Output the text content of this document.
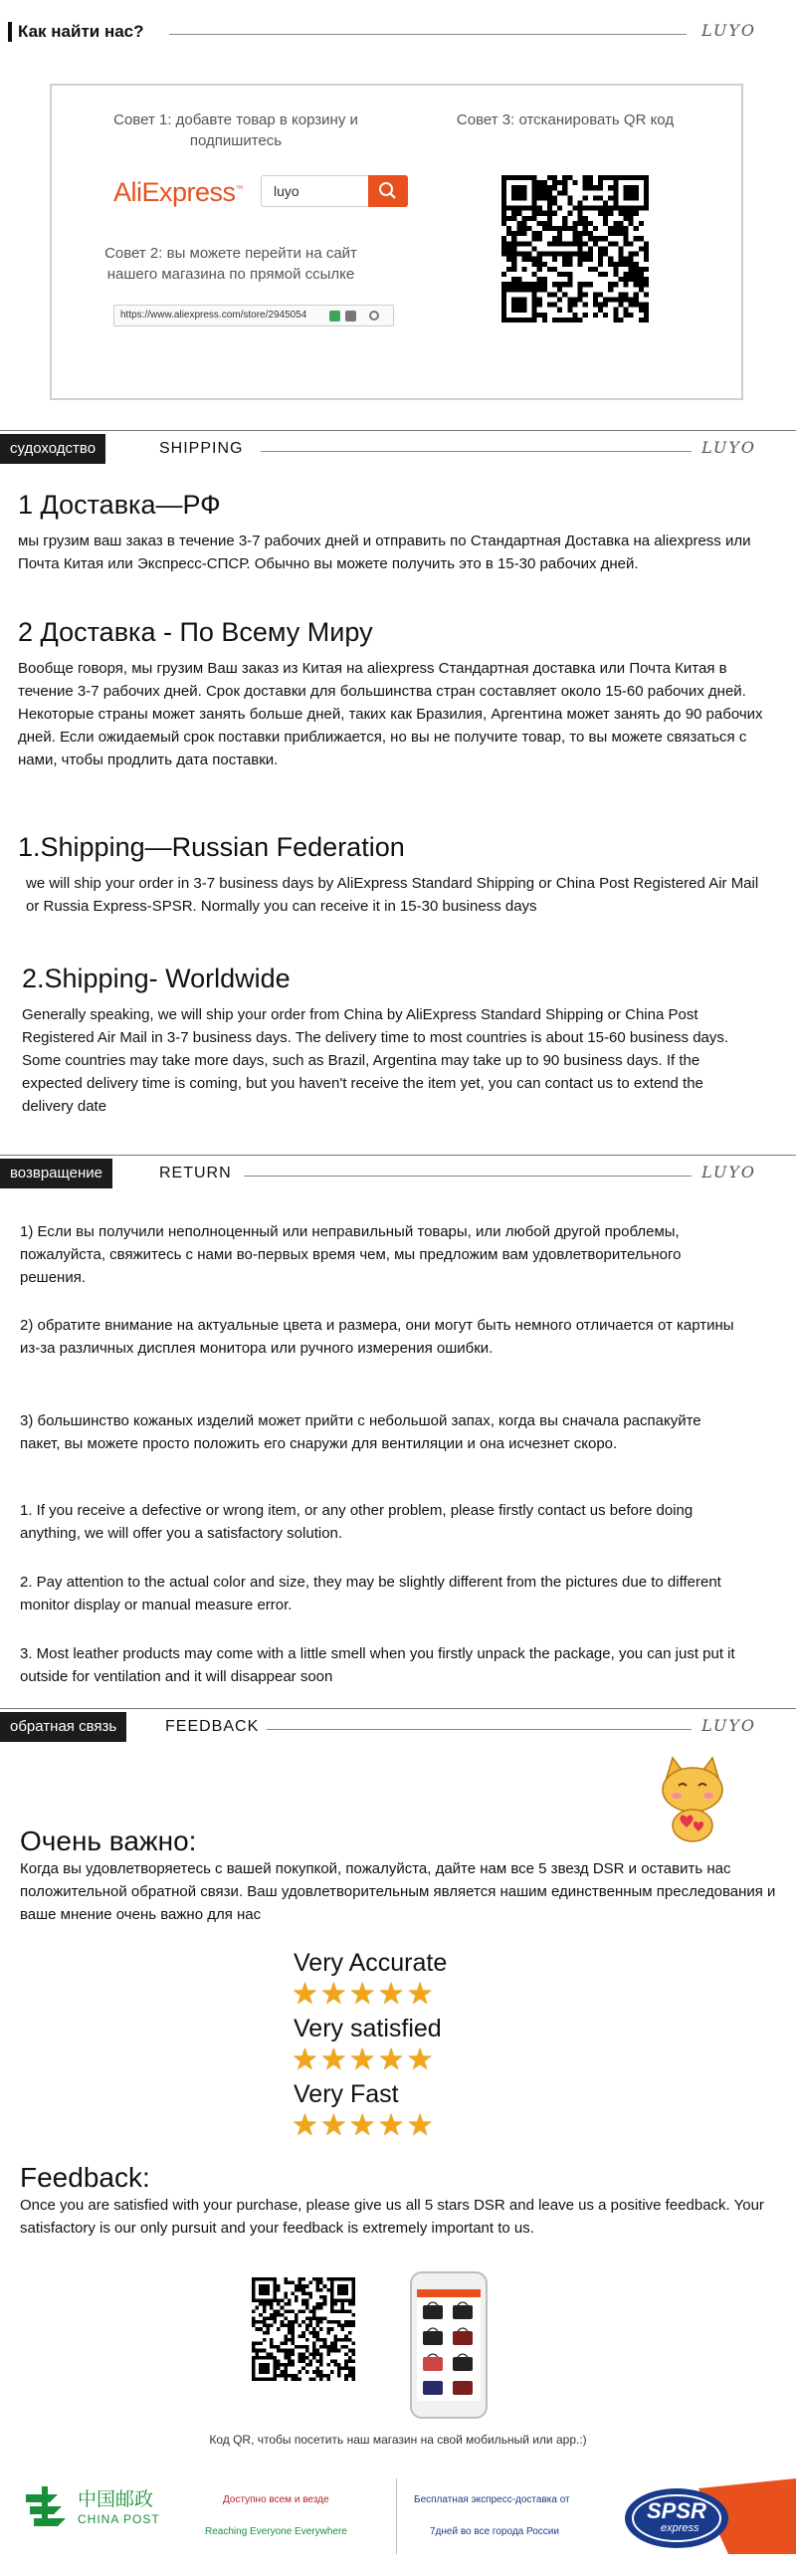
Как найти нас?	LUYO
Совет 1: добавте товар в корзину и подпишитесь
Совет 3: отсканировать QR код
AliExpress™ luyo
Совет 2: вы можете перейти на сайт нашего магазина по прямой ссылке
https://www.aliexpress.com/store/2945054
судоходство	SHIPPING	LUYO
1 Доставка—РФ
мы грузим ваш заказ в течение 3-7 рабочих дней и отправить по Стандартная Доставка на aliexpress или Почта Китая или Экспресс-СПСР. Обычно вы можете получить это в 15-30 рабочих дней.
2 Доставка - По Всему Миру
Вообще говоря, мы грузим Ваш заказ из Китая на aliexpress Стандартная доставка или Почта Китая в течение 3-7 рабочих дней. Срок доставки для большинства стран составляет около 15-60 рабочих дней. Некоторые страны может занять больше дней, таких как Бразилия, Аргентина может занять до 90 рабочих дней. Если ожидаемый срок поставки приближается, но вы не получите товар, то вы можете связаться с нами, чтобы продлить дата поставки.
1.Shipping—Russian Federation
we will ship your order in 3-7 business days by AliExpress Standard Shipping or China Post Registered Air Mail or Russia Express-SPSR. Normally you can receive it in 15-30 business days
2.Shipping- Worldwide
Generally speaking, we will ship your order from China by AliExpress Standard Shipping or China Post Registered Air Mail in 3-7 business days. The delivery time to most countries is about 15-60 business days. Some countries may take more days, such as Brazil, Argentina may take up to 90 business days. If the expected delivery time is coming, but you haven't receive the item yet, you can contact us to extend the delivery date
возвращение	RETURN	LUYO
1) Если вы получили неполноценный или неправильный товары, или любой другой проблемы, пожалуйста, свяжитесь с нами во-первых время чем, мы предложим вам удовлетворительного решения.
2) обратите внимание на актуальные цвета и размера, они могут быть немного отличается от картины из-за различных дисплея монитора или ручного измерения ошибки.
3) большинство кожаных изделий может прийти с небольшой запах, когда вы сначала распакуйте пакет, вы можете просто положить его снаружи для вентиляции и она исчезнет скоро.
1. If you receive a defective or wrong item, or any other problem, please firstly contact us before doing anything, we will offer you a satisfactory solution.
2. Pay attention to the actual color and size, they may be slightly different from the pictures due to different monitor display or manual measure error.
3. Most leather products may come with a little smell when you firstly unpack the package, you can just put it outside for ventilation and it will disappear soon
обратная связь	FEEDBACK	LUYO
Очень важно:
Когда вы удовлетворяетесь с вашей покупкой, пожалуйста, дайте нам все 5 звезд DSR и оставить нас положительной обратной связи. Ваш удовлетворительным является нашим единственным преследования и ваше мнение очень важно для нас
Very Accurate
★★★★★
Very satisfied
★★★★★
Very Fast
★★★★★
Feedback:
Once you are satisfied with your purchase, please give us all 5 stars DSR and leave us a positive feedback. Your satisfactory is our only pursuit and your feedback is extremely important to us.
Код QR, чтобы посетить наш магазин на свой мобильный или app.:)
中国邮政
CHINA POST
Доступно всем и везде
Reaching Everyone Everywhere
Бесплатная экспресс-доставка от
7дней во все города России
SPSR
express
